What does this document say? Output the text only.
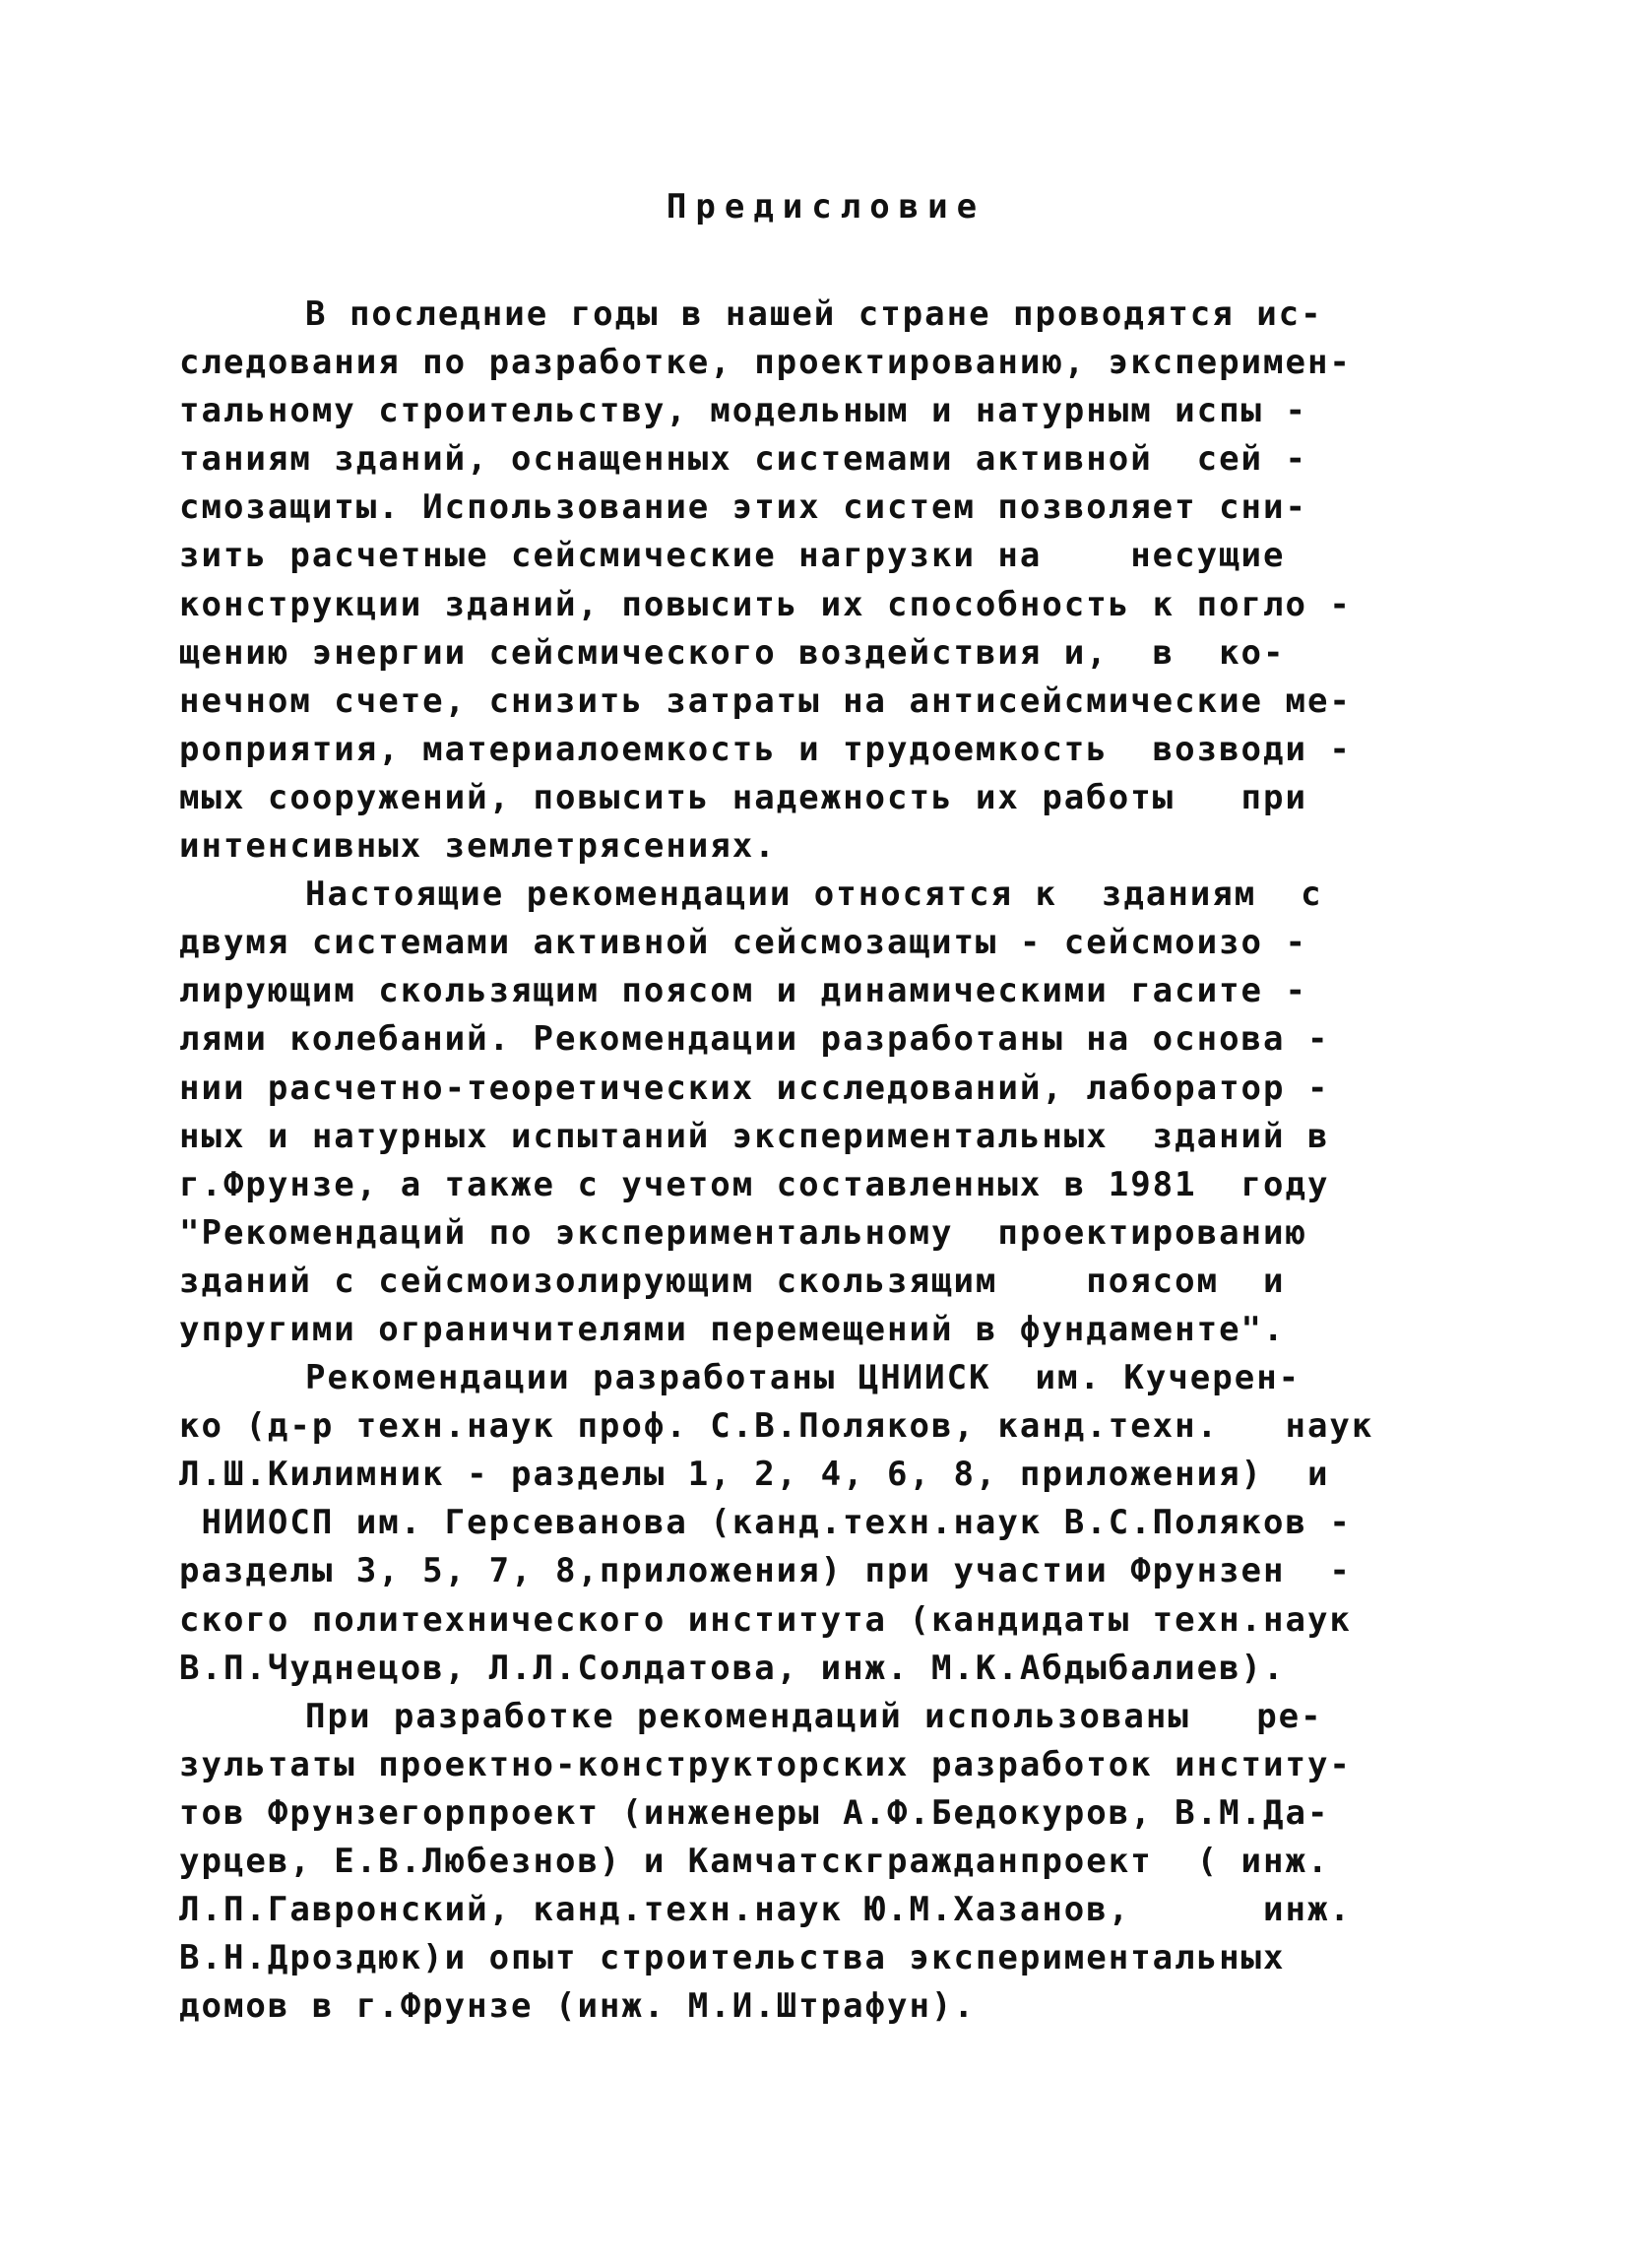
Предисловие
В последние годы в нашей стране проводятся ис-
следования по разработке, проектированию, эксперимен-
тальному строительству, модельным и натурным испы -
таниям зданий, оснащенных системами активной  сей -
смозащиты. Использование этих систем позволяет сни-
зить расчетные сейсмические нагрузки на    несущие
конструкции зданий, повысить их способность к погло -
щению энергии сейсмического воздействия и,  в  ко-
нечном счете, снизить затраты на антисейсмические ме-
роприятия, материалоемкость и трудоемкость  возводи -
мых сооружений, повысить надежность их работы   при
интенсивных землетрясениях.
Настоящие рекомендации относятся к  зданиям  с
двумя системами активной сейсмозащиты - сейсмоизо -
лирующим скользящим поясом и динамическими гасите -
лями колебаний. Рекомендации разработаны на основа -
нии расчетно-теоретических исследований, лаборатор -
ных и натурных испытаний экспериментальных  зданий в
г.Фрунзе, а также с учетом составленных в 1981  году
"Рекомендаций по экспериментальному  проектированию
зданий с сейсмоизолирующим скользящим    поясом  и
упругими ограничителями перемещений в фундаменте".
Рекомендации разработаны ЦНИИСК  им. Кучерен-
ко (д-р техн.наук проф. С.В.Поляков, канд.техн.   наук
Л.Ш.Килимник - разделы 1, 2, 4, 6, 8, приложения)  и
НИИОСП им. Герсеванова (канд.техн.наук В.С.Поляков -
разделы 3, 5, 7, 8,приложения) при участии Фрунзен  -
ского политехнического института (кандидаты техн.наук
В.П.Чуднецов, Л.Л.Солдатова, инж. М.К.Абдыбалиев).
При разработке рекомендаций использованы   ре-
зультаты проектно-конструкторских разработок институ-
тов Фрунзегорпроект (инженеры А.Ф.Бедокуров, В.М.Да-
урцев, Е.В.Любезнов) и Камчатскгражданпроект  ( инж.
Л.П.Гавронский, канд.техн.наук Ю.М.Хазанов,      инж.
В.Н.Дроздюк)и опыт строительства экспериментальных
домов в г.Фрунзе (инж. М.И.Штрафун).
